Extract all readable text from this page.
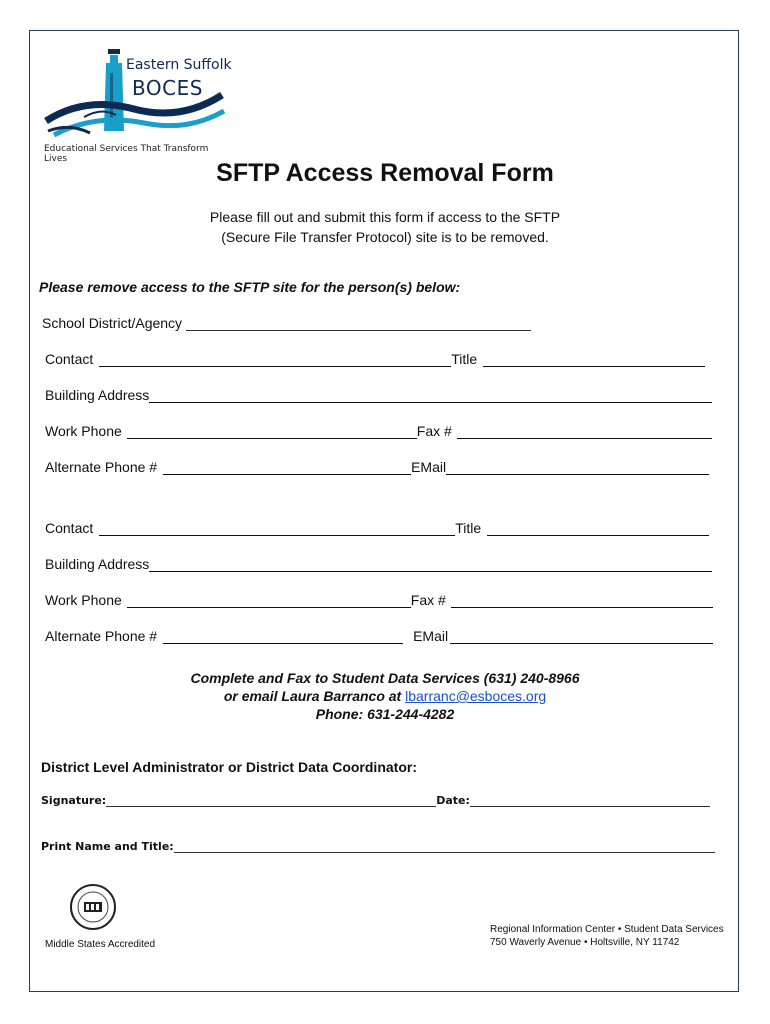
Eastern Suffolk
BOCES
Educational Services That Transform Lives	SFTP Access Removal Form
Please fill out and submit this form if access to the SFTP
(Secure File Transfer Protocol) site is to be removed.
Please remove access to the SFTP site for the person(s) below:
School District/Agency
Contact	Title
Building Address
Work Phone	Fax #
Alternate Phone #	EMail
Contact	Title
Building Address
Work Phone	Fax #
Alternate Phone #	EMail
Complete and Fax to Student Data Services (631) 240-8966
or email Laura Barranco at lbarranc@esboces.org
Phone: 631-244-4282
District Level Administrator or District Data Coordinator:
Signature:	Date:
Print Name and Title:
Middle States Accredited
Regional Information Center • Student Data Services
750 Waverly Avenue • Holtsville, NY 11742
